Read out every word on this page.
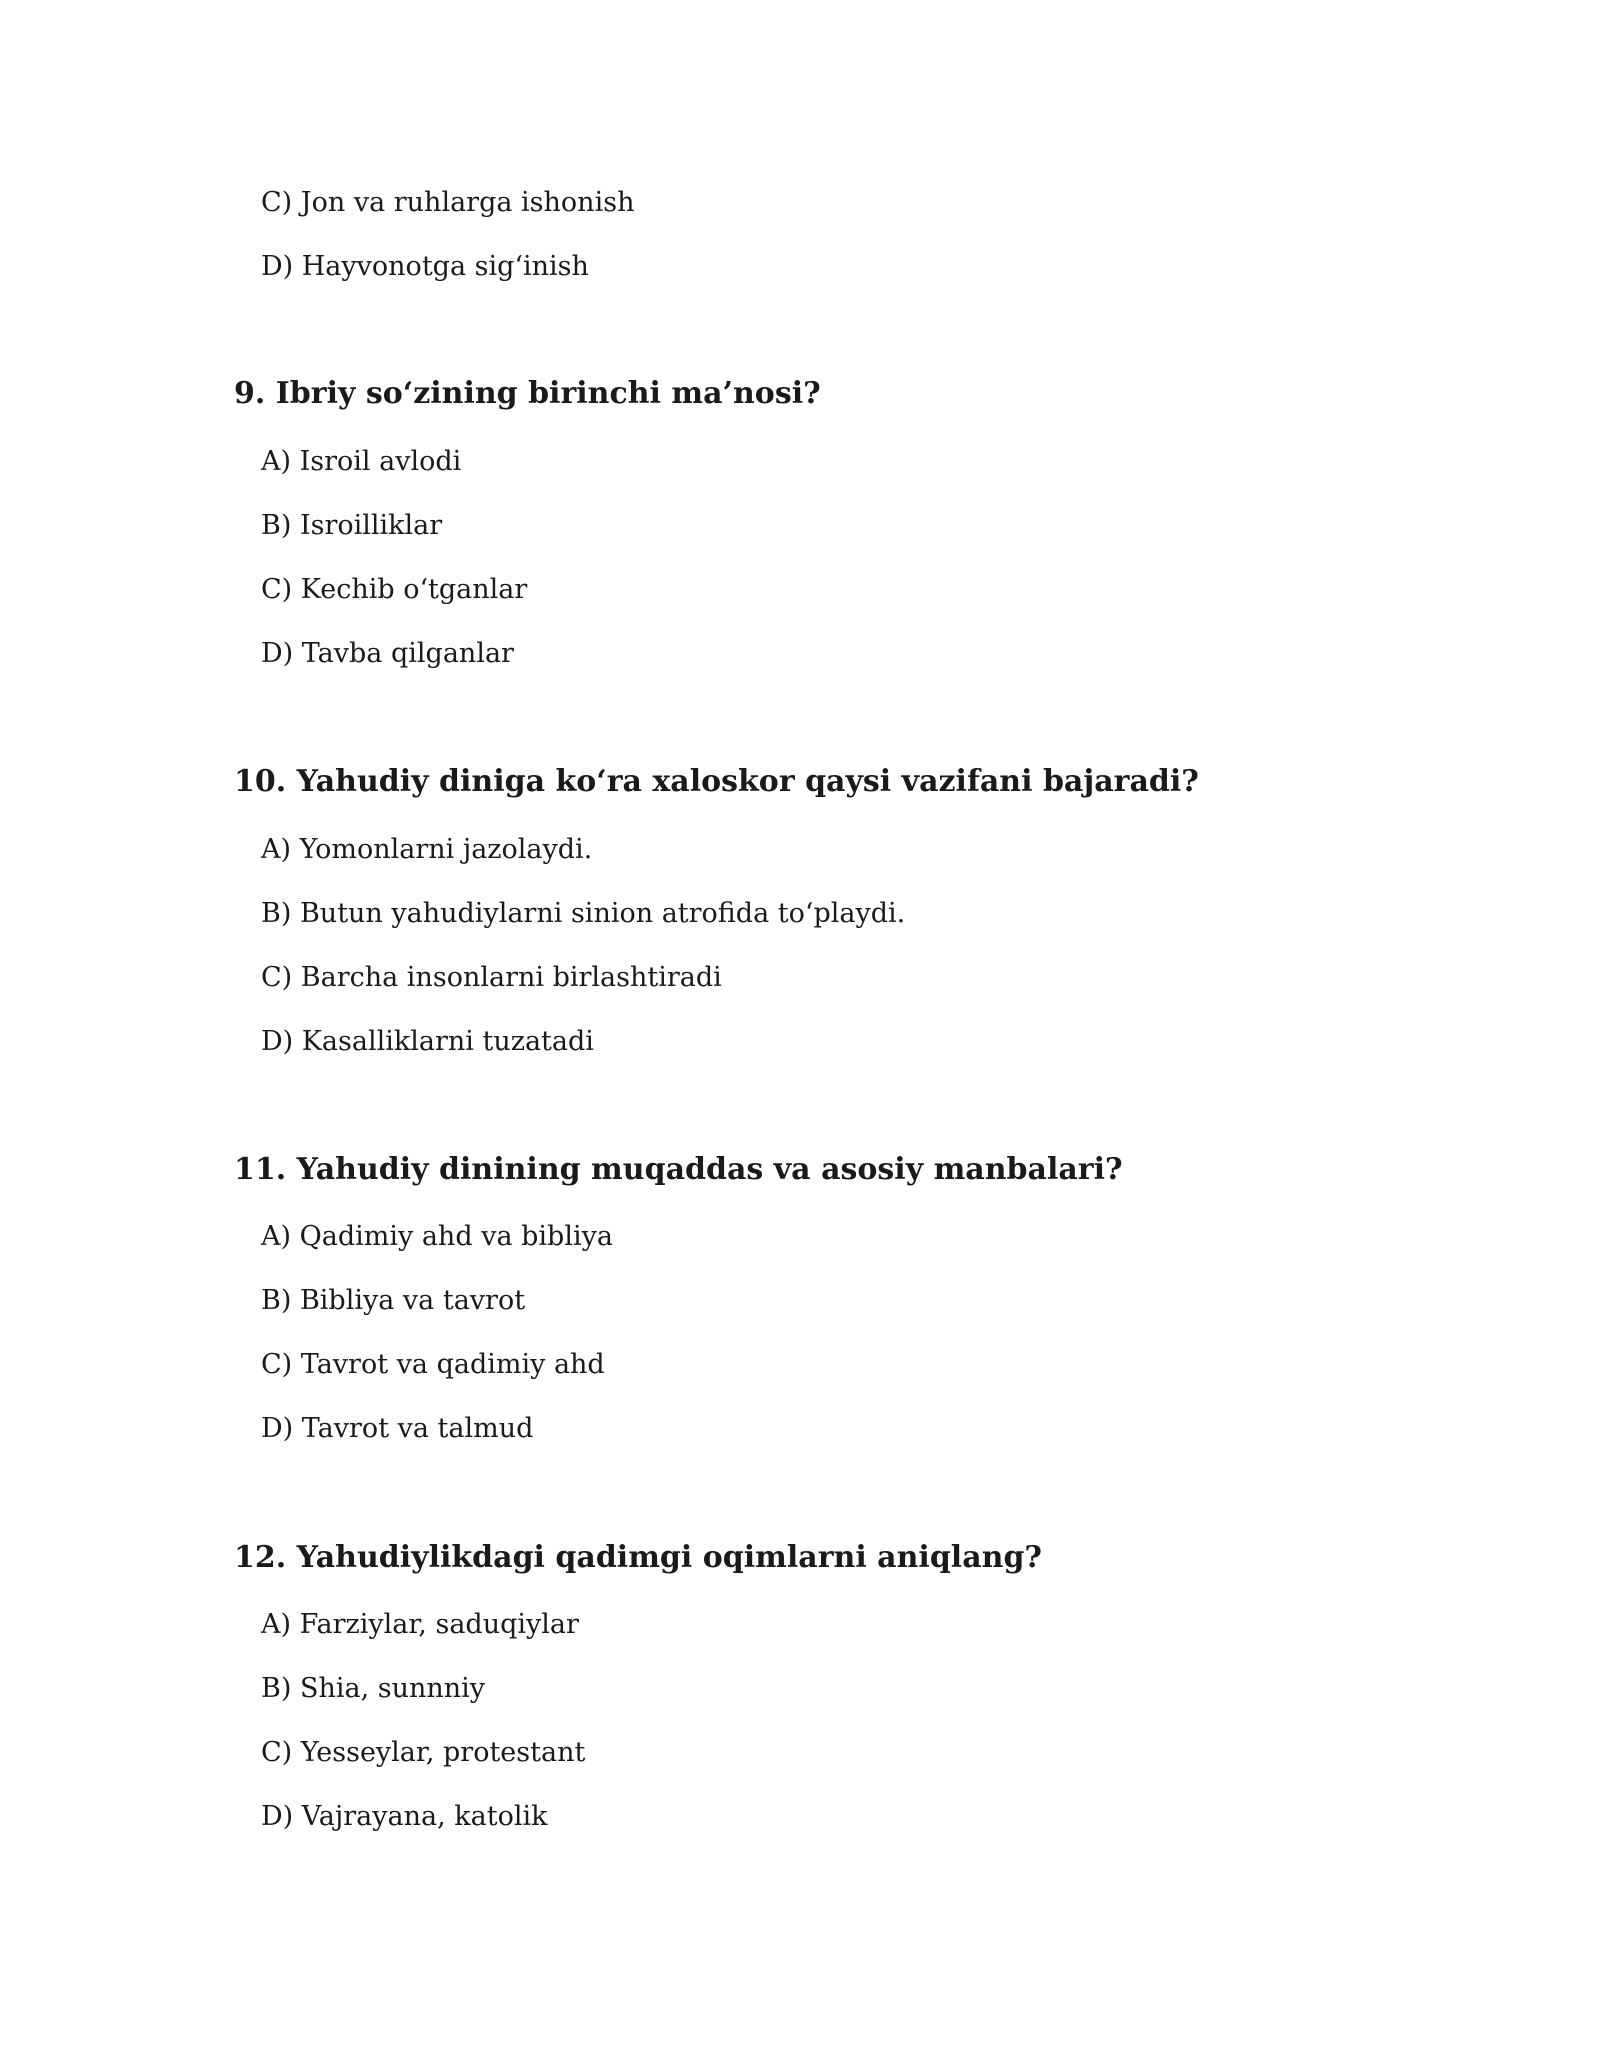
C) Jon va ruhlarga ishonish
D) Hayvonotga sig‘inish
9. Ibriy so‘zining birinchi ma’nosi?
A) Isroil avlodi
B) Isroilliklar
C) Kechib o‘tganlar
D) Tavba qilganlar
10. Yahudiy diniga ko‘ra xaloskor qaysi vazifani bajaradi?
A) Yomonlarni jazolaydi.
B) Butun yahudiylarni sinion atrofida to‘playdi.
C) Barcha insonlarni birlashtiradi
D) Kasalliklarni tuzatadi
11. Yahudiy dinining muqaddas va asosiy manbalari?
A) Qadimiy ahd va bibliya
B) Bibliya va tavrot
C) Tavrot va qadimiy ahd
D) Tavrot va talmud
12. Yahudiylikdagi qadimgi oqimlarni aniqlang?
A) Farziylar, saduqiylar
B) Shia, sunnniy
C) Yesseylar, protestant
D) Vajrayana, katolik
